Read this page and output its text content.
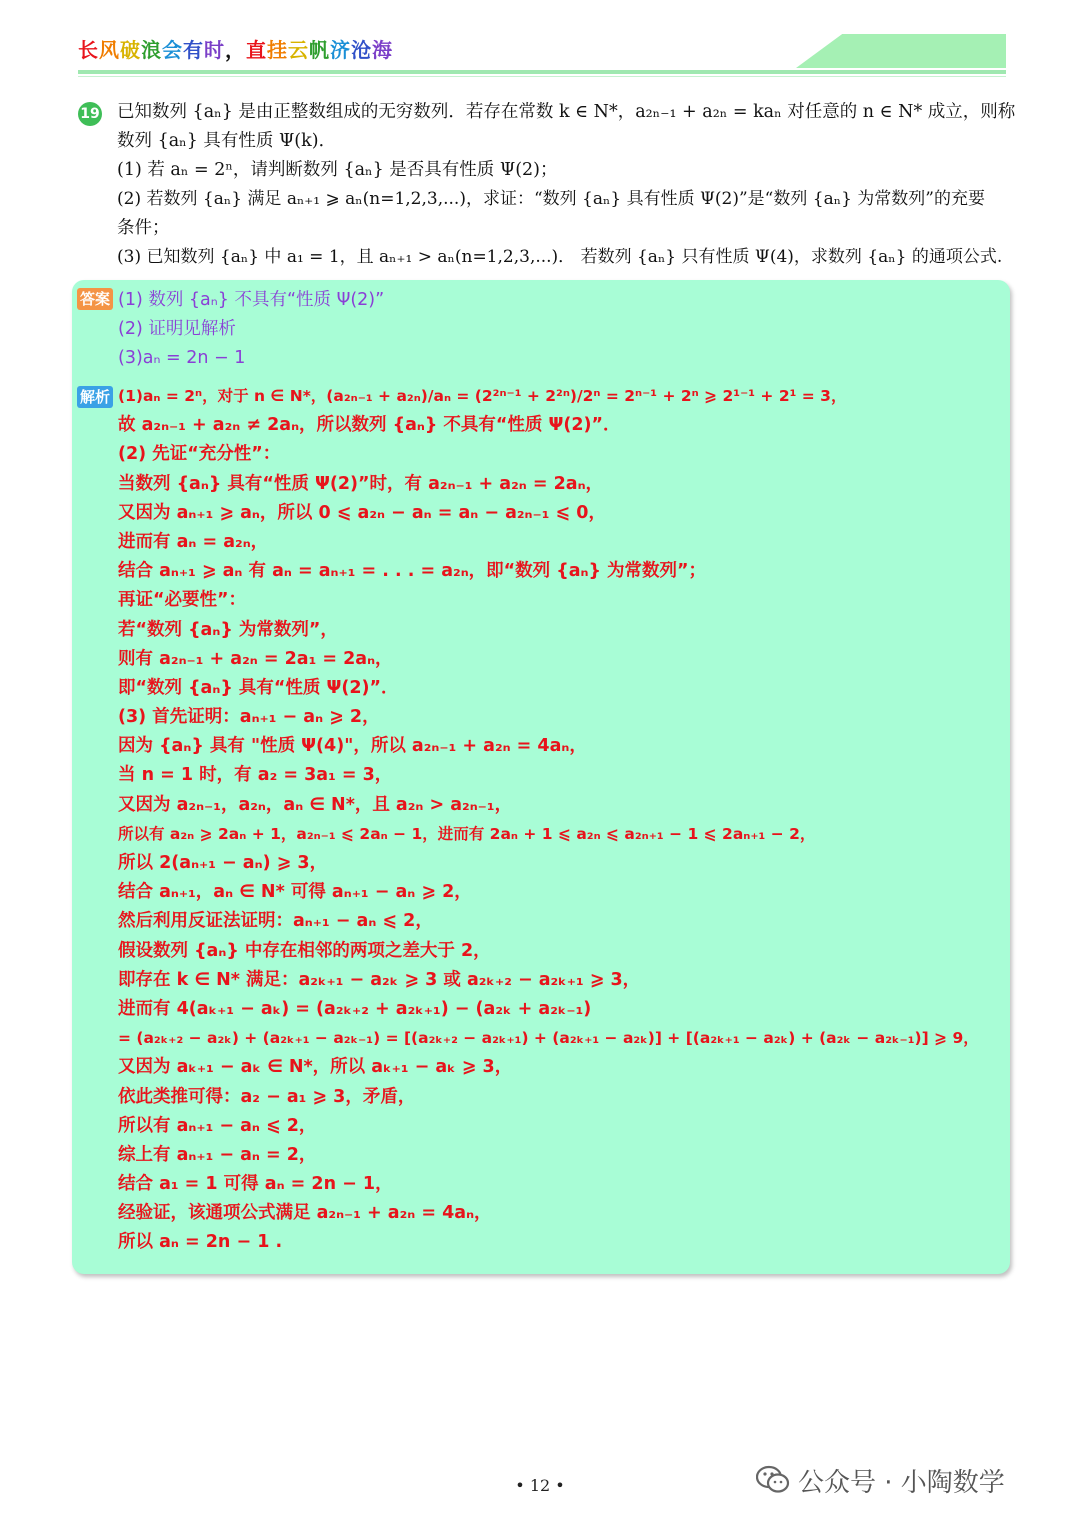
长风破浪会有时，直挂云帆济沧海
19 已知数列 {aₙ} 是由正整数组成的无穷数列．若存在常数 k ∈ N*，a₂ₙ₋₁ + a₂ₙ = kaₙ 对任意的 n ∈ N* 成立，则称
数列 {aₙ} 具有性质 Ψ(k)．
(1) 若 aₙ = 2ⁿ，请判断数列 {aₙ} 是否具有性质 Ψ(2)；
(2) 若数列 {aₙ} 满足 aₙ₊₁ ⩾ aₙ(n=1,2,3,...)，求证：“数列 {aₙ} 具有性质 Ψ(2)”是“数列 {aₙ} 为常数列”的充要
条件；
(3) 已知数列 {aₙ} 中 a₁ = 1，且 aₙ₊₁ > aₙ(n=1,2,3,...)． 若数列 {aₙ} 只有性质 Ψ(4)，求数列 {aₙ} 的通项公式.
答案 (1) 数列 {aₙ} 不具有“性质 Ψ(2)”
(2) 证明见解析
(3)aₙ = 2n − 1
解析 (1)aₙ = 2ⁿ，对于 n ∈ N*，(a₂ₙ₋₁ + a₂ₙ)/aₙ = (2²ⁿ⁻¹ + 2²ⁿ)/2ⁿ = 2ⁿ⁻¹ + 2ⁿ ⩾ 2¹⁻¹ + 2¹ = 3，
故 a₂ₙ₋₁ + a₂ₙ ≠ 2aₙ，所以数列 {aₙ} 不具有“性质 Ψ(2)”．
(2) 先证“充分性”：
当数列 {aₙ} 具有“性质 Ψ(2)”时，有 a₂ₙ₋₁ + a₂ₙ = 2aₙ，
又因为 aₙ₊₁ ⩾ aₙ，所以 0 ⩽ a₂ₙ − aₙ = aₙ − a₂ₙ₋₁ ⩽ 0，
进而有 aₙ = a₂ₙ，
结合 aₙ₊₁ ⩾ aₙ 有 aₙ = aₙ₊₁ = . . . = a₂ₙ，即“数列 {aₙ} 为常数列”；
再证“必要性”：
若“数列 {aₙ} 为常数列”，
则有 a₂ₙ₋₁ + a₂ₙ = 2a₁ = 2aₙ，
即“数列 {aₙ} 具有“性质 Ψ(2)”．
(3) 首先证明：aₙ₊₁ − aₙ ⩾ 2，
因为 {aₙ} 具有 "性质 Ψ(4)"，所以 a₂ₙ₋₁ + a₂ₙ = 4aₙ，
当 n = 1 时，有 a₂ = 3a₁ = 3，
又因为 a₂ₙ₋₁，a₂ₙ，aₙ ∈ N*，且 a₂ₙ > a₂ₙ₋₁，
所以有 a₂ₙ ⩾ 2aₙ + 1，a₂ₙ₋₁ ⩽ 2aₙ − 1，进而有 2aₙ + 1 ⩽ a₂ₙ ⩽ a₂ₙ₊₁ − 1 ⩽ 2aₙ₊₁ − 2，
所以 2(aₙ₊₁ − aₙ) ⩾ 3，
结合 aₙ₊₁，aₙ ∈ N* 可得 aₙ₊₁ − aₙ ⩾ 2，
然后利用反证法证明：aₙ₊₁ − aₙ ⩽ 2，
假设数列 {aₙ} 中存在相邻的两项之差大于 2，
即存在 k ∈ N* 满足：a₂ₖ₊₁ − a₂ₖ ⩾ 3 或 a₂ₖ₊₂ − a₂ₖ₊₁ ⩾ 3，
进而有 4(aₖ₊₁ − aₖ) = (a₂ₖ₊₂ + a₂ₖ₊₁) − (a₂ₖ + a₂ₖ₋₁)
= (a₂ₖ₊₂ − a₂ₖ) + (a₂ₖ₊₁ − a₂ₖ₋₁) = [(a₂ₖ₊₂ − a₂ₖ₊₁) + (a₂ₖ₊₁ − a₂ₖ)] + [(a₂ₖ₊₁ − a₂ₖ) + (a₂ₖ − a₂ₖ₋₁)] ⩾ 9，
又因为 aₖ₊₁ − aₖ ∈ N*，所以 aₖ₊₁ − aₖ ⩾ 3，
依此类推可得：a₂ − a₁ ⩾ 3，矛盾，
所以有 aₙ₊₁ − aₙ ⩽ 2，
综上有 aₙ₊₁ − aₙ = 2，
结合 a₁ = 1 可得 aₙ = 2n − 1，
经验证，该通项公式满足 a₂ₙ₋₁ + a₂ₙ = 4aₙ，
所以 aₙ = 2n − 1 .
• 12 •	公众号 · 小陶数学
